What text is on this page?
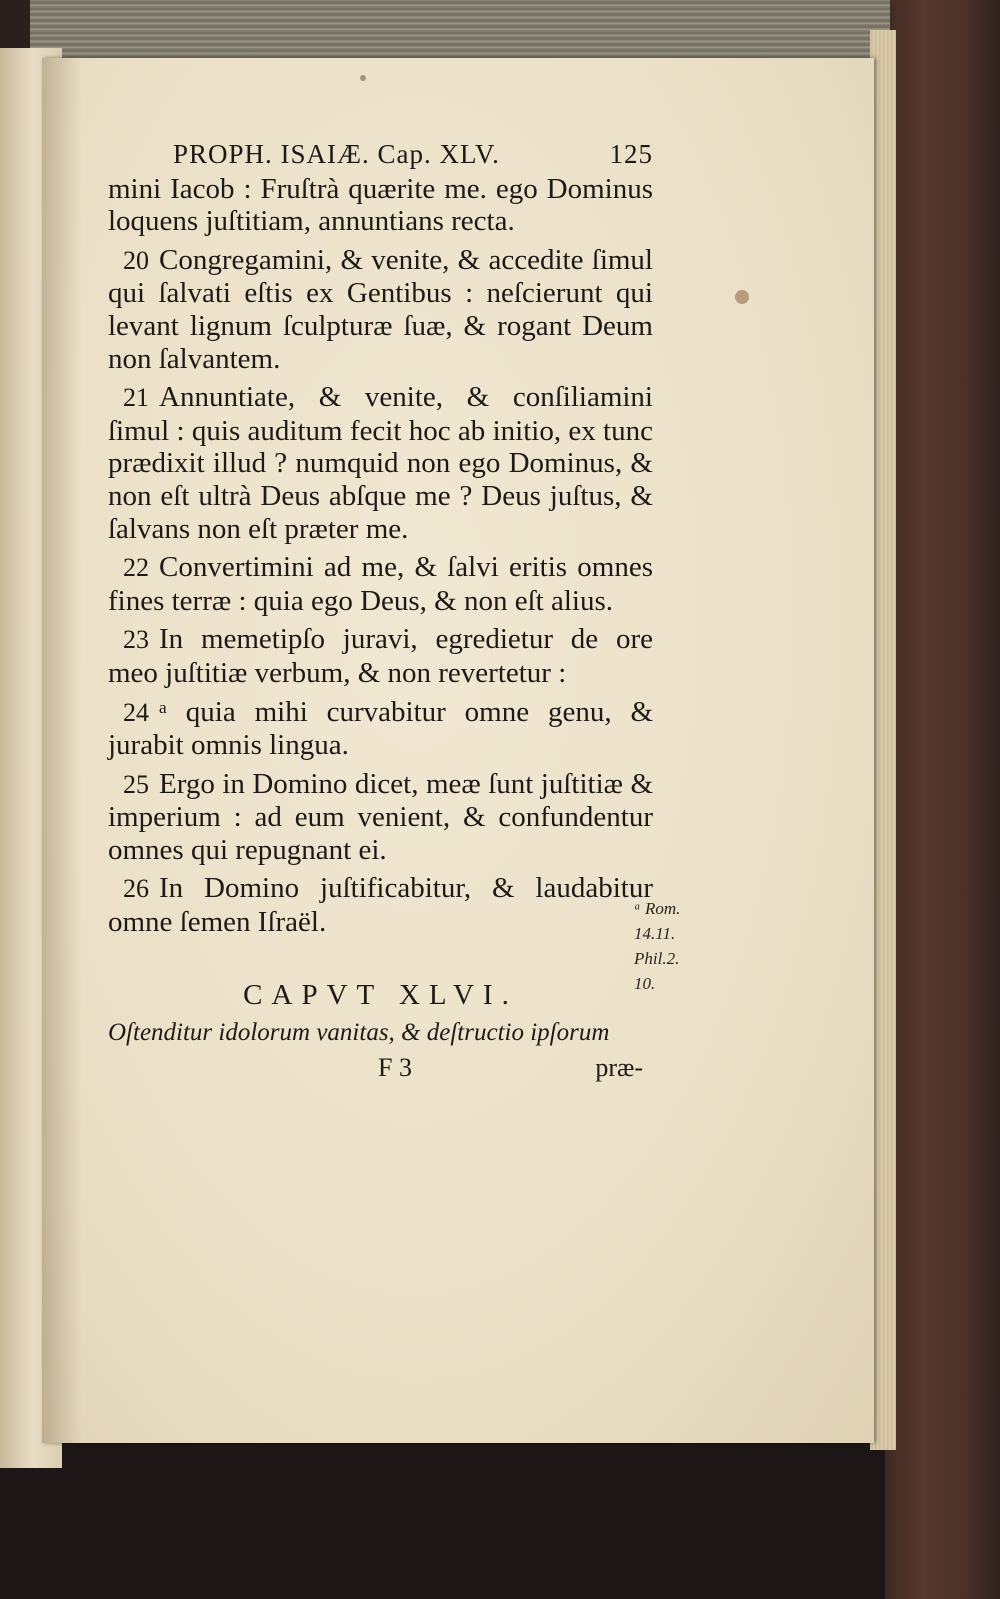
PROPH. ISAIÆ. Cap. XLV.	125

mini Iacob : Fruſtrà quærite me. ego Dominus loquens juſtitiam, annuntians recta.

20 Congregamini, & venite, & accedite ſimul qui ſalvati eſtis ex Gentibus : neſcierunt qui levant lignum ſculpturæ ſuæ, & rogant Deum non ſalvantem.

21 Annuntiate, & venite, & conſiliamini ſimul : quis auditum fecit hoc ab initio, ex tunc prædixit illud ? numquid non ego Dominus, & non eſt ultrà Deus abſque me ? Deus juſtus, & ſalvans non eſt præter me.

22 Convertimini ad me, & ſalvi eritis omnes fines terræ : quia ego Deus, & non eſt alius.

23 In memetipſo juravi, egredietur de ore meo juſtitiæ verbum, & non revertetur :

24 ᵃ quia mihi curvabitur omne genu, & jurabit omnis lingua.

25 Ergo in Domino dicet, meæ ſunt juſtitiæ & imperium : ad eum venient, & confundentur omnes qui repugnant ei.

26 In Domino juſtificabitur, & laudabitur omne ſemen Iſraël.

CAPVT XLVI.
Oſtenditur idolorum vanitas, & deſtructio ipſorum
F 3	præ-
ᵃ Rom.
14.11.
Phil.2.
10.
